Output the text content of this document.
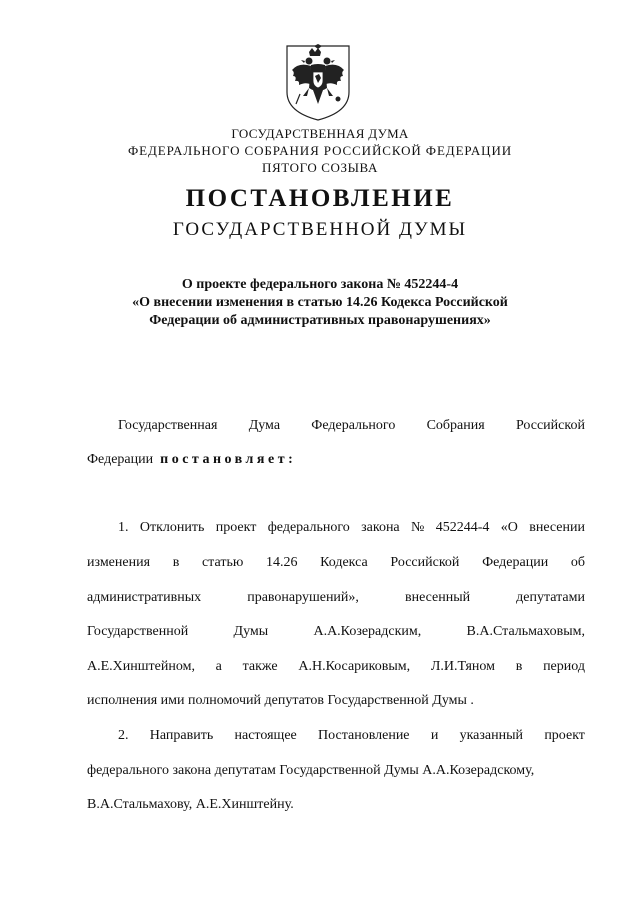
ГОСУДАРСТВЕННАЯ ДУМА
ФЕДЕРАЛЬНОГО СОБРАНИЯ РОССИЙСКОЙ ФЕДЕРАЦИИ
ПЯТОГО СОЗЫВА
ПОСТАНОВЛЕНИЕ
ГОСУДАРСТВЕННОЙ ДУМЫ
О проекте федерального закона № 452244-4
«О внесении изменения в статью 14.26 Кодекса Российской
Федерации об административных правонарушениях»
Государственная Дума Федерального Собрания Российской
Федерации постановляет:
1. Отклонить проект федерального закона № 452244-4 «О внесении
изменения в статью 14.26 Кодекса Российской Федерации об
административных	правонарушений»,	внесенный	депутатами
Государственной	Думы	А.А.Козерадским,	В.А.Стальмаховым,
А.Е.Хинштейном, а также А.Н.Косариковым, Л.И.Тяном в период
исполнения ими полномочий депутатов Государственной Думы .
2. Направить настоящее Постановление и указанный проект
федерального закона депутатам Государственной Думы А.А.Козерадскому,
В.А.Стальмахову, А.Е.Хинштейну.
